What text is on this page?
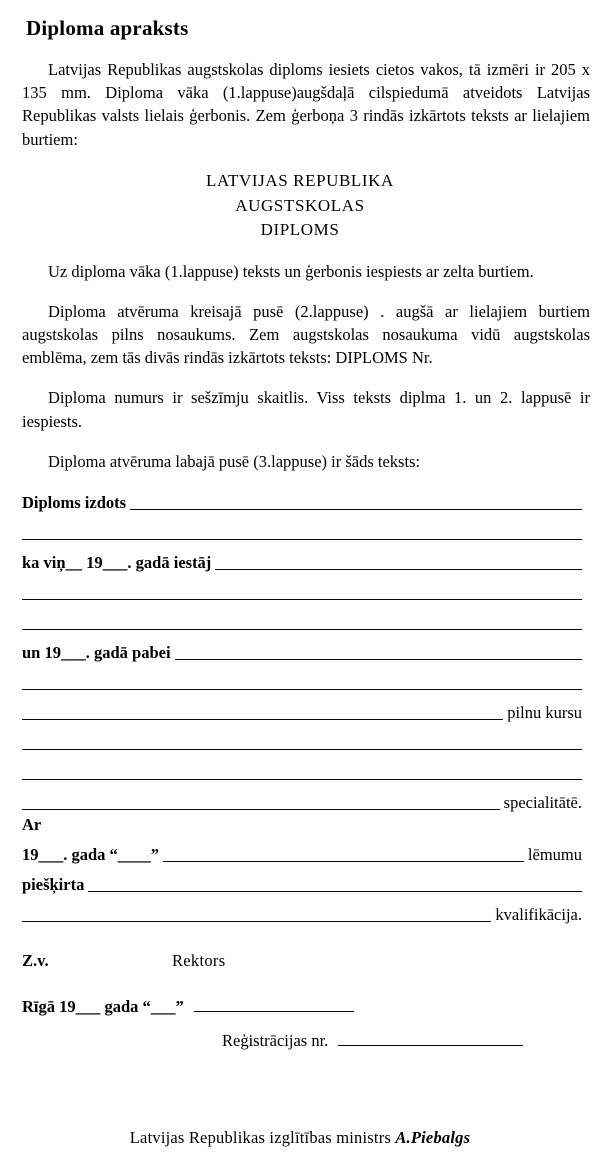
Diploma apraksts

Latvijas Republikas augstskolas diploms iesiets cietos vakos, tā izmēri ir 205 x 135 mm. Diploma vāka (1.lappuse)augšdaļā cilspiedumā atveidots Latvijas Republikas valsts lielais ģerbonis. Zem ģerboņa 3 rindās izkārtots teksts ar lielajiem burtiem:

LATVIJAS REPUBLIKA
AUGSTSKOLAS
DIPLOMS

Uz diploma vāka (1.lappuse) teksts un ģerbonis iespiests ar zelta burtiem.

Diploma atvēruma kreisajā pusē (2.lappuse) . augšā ar lielajiem burtiem augstskolas pilns nosaukums. Zem augstskolas nosaukuma vidū augstskolas emblēma, zem tās divās rindās izkārtots teksts: DIPLOMS Nr.

Diploma numurs ir sešzīmju skaitlis. Viss teksts diplma 1. un 2. lappusē ir iespiests.

Diploma atvēruma labajā pusē (3.lappuse) ir šāds teksts:

Diploms izdots
ka viņ__ 19___. gadā iestāj
un 19___. gadā pabei
pilnu kursu
specialitātē.
Ar
19___. gada “____”	lēmumu
piešķirta
kvalifikācija.
Z.v.	Rektors
Rīgā 19___ gada “___”
Reģistrācijas nr.
Latvijas Republikas izglītības ministrs A.Piebalgs
